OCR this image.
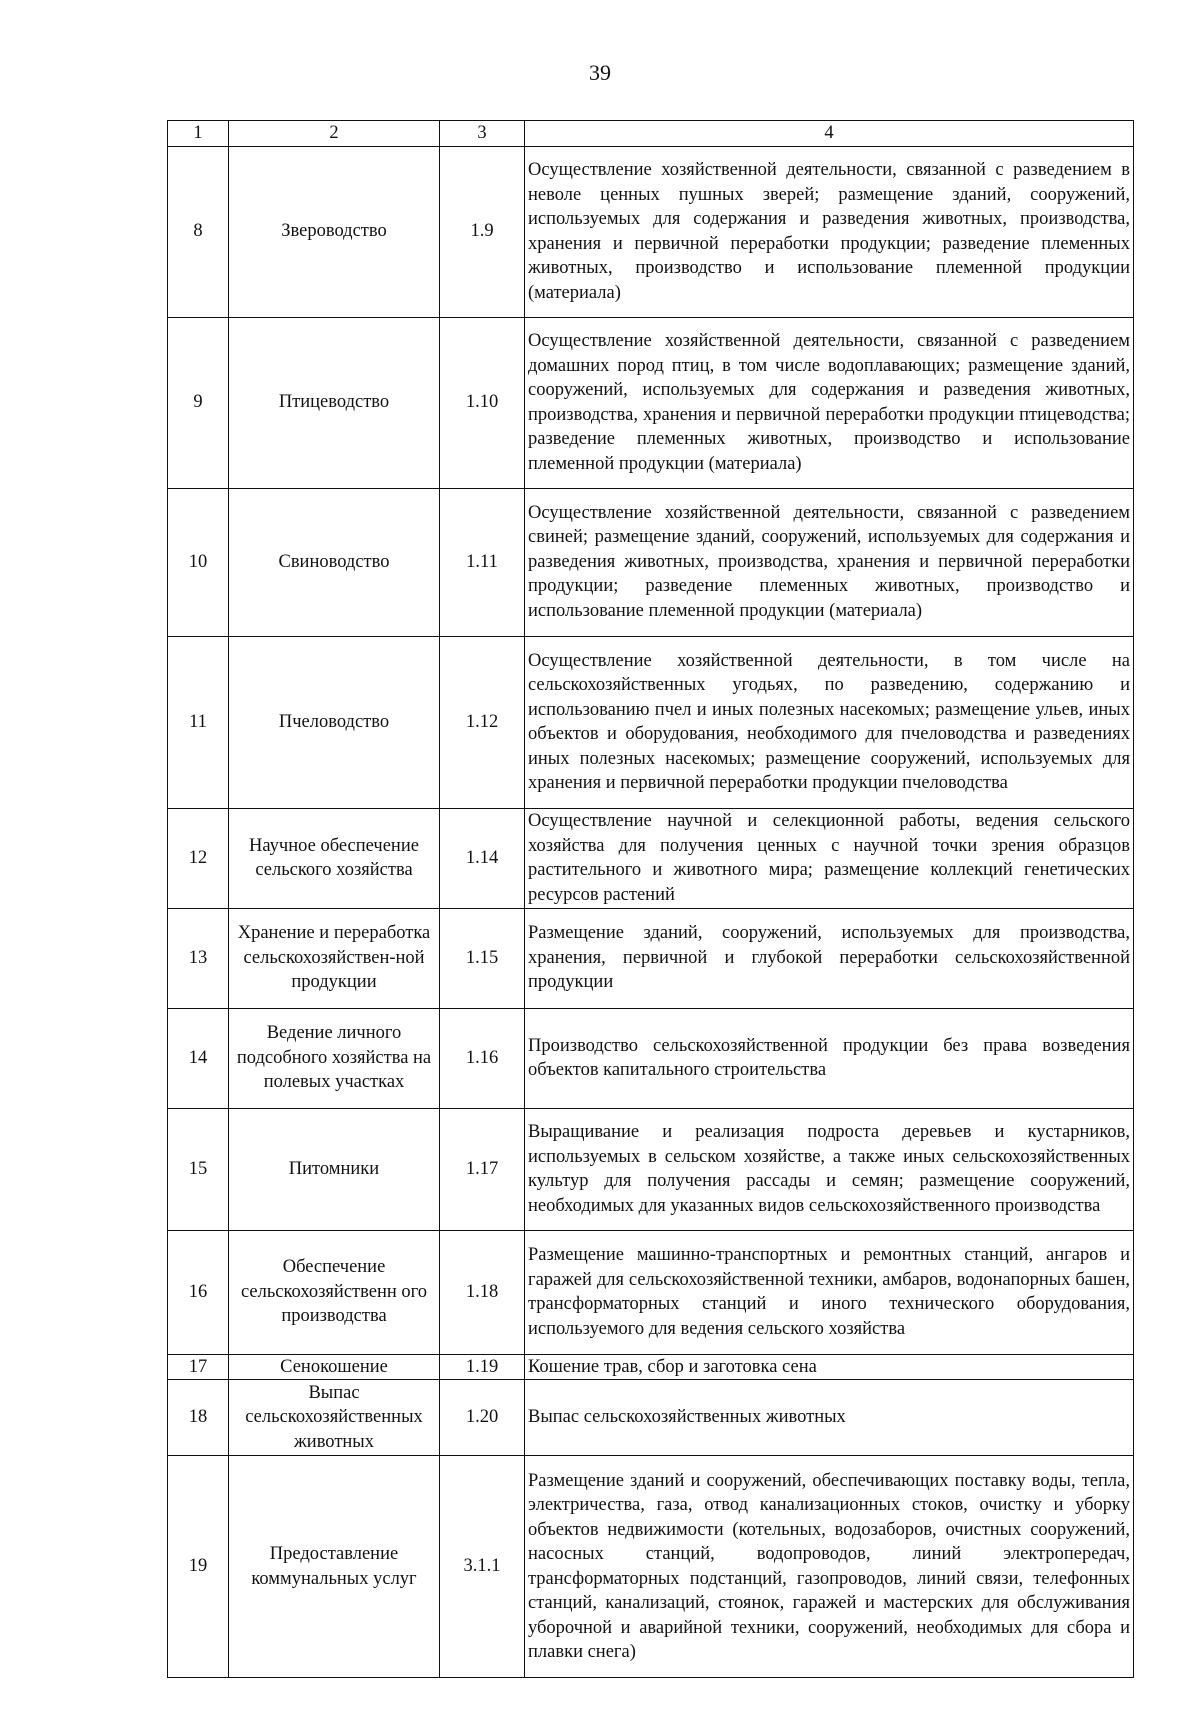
39
1	2	3	4
8	Звероводство	1.9	Осуществление хозяйственной деятельности, связанной с разведением в неволе ценных пушных зверей; размещение зданий, сооружений, используемых для содержания и разведения животных, производства, хранения и первичной переработки продукции; разведение племенных животных, производство и использование племенной продукции (материала)
9	Птицеводство	1.10	Осуществление хозяйственной деятельности, связанной с разведением домашних пород птиц, в том числе водоплавающих; размещение зданий, сооружений, используемых для содержания и разведения животных, производства, хранения и первичной переработки продукции птицеводства; разведение племенных животных, производство и использование племенной продукции (материала)
10	Свиноводство	1.11	Осуществление хозяйственной деятельности, связанной с разведением свиней; размещение зданий, сооружений, используемых для содержания и разведения животных, производства, хранения и первичной переработки продукции; разведение племенных животных, производство и использование племенной продукции (материала)
11	Пчеловодство	1.12	Осуществление хозяйственной деятельности, в том числе на сельскохозяйственных угодьях, по разведению, содержанию и использованию пчел и иных полезных насекомых; размещение ульев, иных объектов и оборудования, необходимого для пчеловодства и разведениях иных полезных насекомых; размещение сооружений, используемых для хранения и первичной переработки продукции пчеловодства
12	Научное обеспечение сельского хозяйства	1.14	Осуществление научной и селекционной работы, ведения сельского хозяйства для получения ценных с научной точки зрения образцов растительного и животного мира; размещение коллекций генетических ресурсов растений
13	Хранение и переработка сельскохозяйствен-ной продукции	1.15	Размещение зданий, сооружений, используемых для производства, хранения, первичной и глубокой переработки сельскохозяйственной продукции
14	Ведение личного подсобного хозяйства на полевых участках	1.16	Производство сельскохозяйственной продукции без права возведения объектов капитального строительства
15	Питомники	1.17	Выращивание и реализация подроста деревьев и кустарников, используемых в сельском хозяйстве, а также иных сельскохозяйственных культур для получения рассады и семян; размещение сооружений, необходимых для указанных видов сельскохозяйственного производства
16	Обеспечение сельскохозяйственн ого производства	1.18	Размещение машинно-транспортных и ремонтных станций, ангаров и гаражей для сельскохозяйственной техники, амбаров, водонапорных башен, трансформаторных станций и иного технического оборудования, используемого для ведения сельского хозяйства
17	Сенокошение	1.19	Кошение трав, сбор и заготовка сена
18	Выпас сельскохозяйственных животных	1.20	Выпас сельскохозяйственных животных
19	Предоставление коммунальных услуг	3.1.1	Размещение зданий и сооружений, обеспечивающих поставку воды, тепла, электричества, газа, отвод канализационных стоков, очистку и уборку объектов недвижимости (котельных, водозаборов, очистных сооружений, насосных станций, водопроводов, линий электропередач, трансформаторных подстанций, газопроводов, линий связи, телефонных станций, канализаций, стоянок, гаражей и мастерских для обслуживания уборочной и аварийной техники, сооружений, необходимых для сбора и плавки снега)
